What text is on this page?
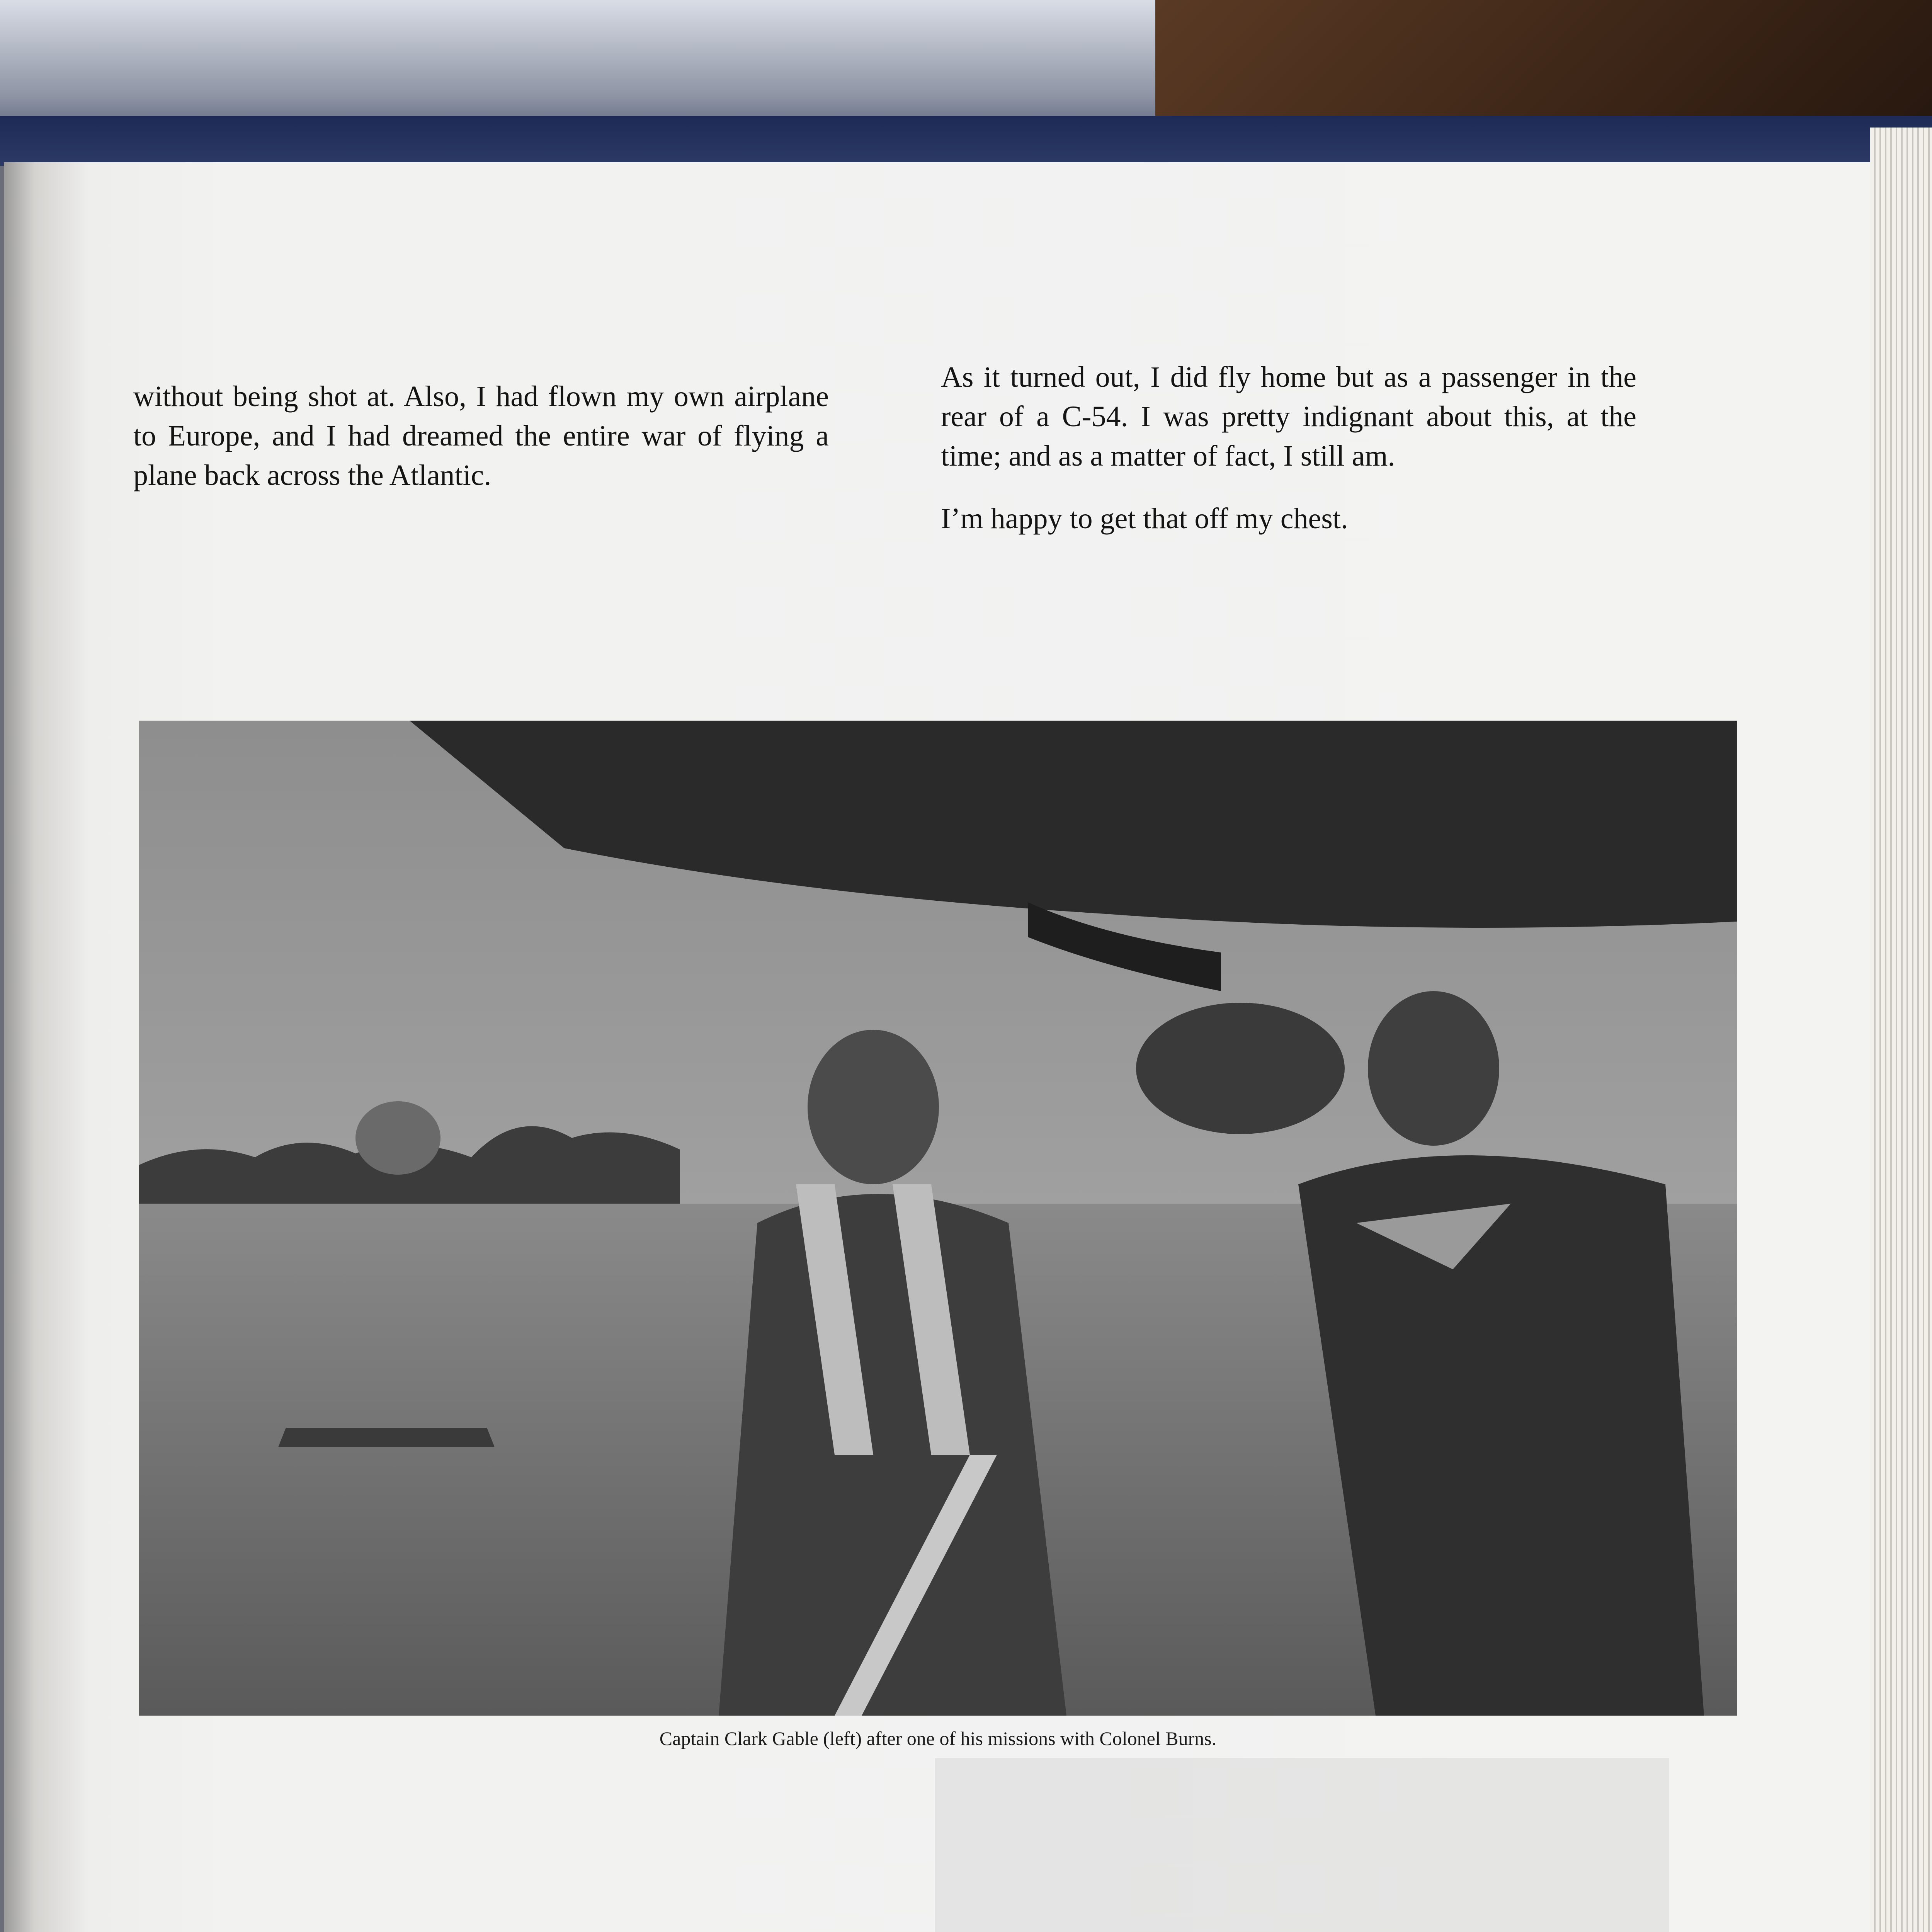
without being shot at. Also, I had flown my own airplane to Europe, and I had dreamed the entire war of flying a plane back across the Atlantic.

As it turned out, I did fly home but as a passenger in the rear of a C-54. I was pretty indignant about this, at the time; and as a matter of fact, I still am.

I’m happy to get that off my chest.

Captain Clark Gable (left) after one of his missions with Colonel Burns.
